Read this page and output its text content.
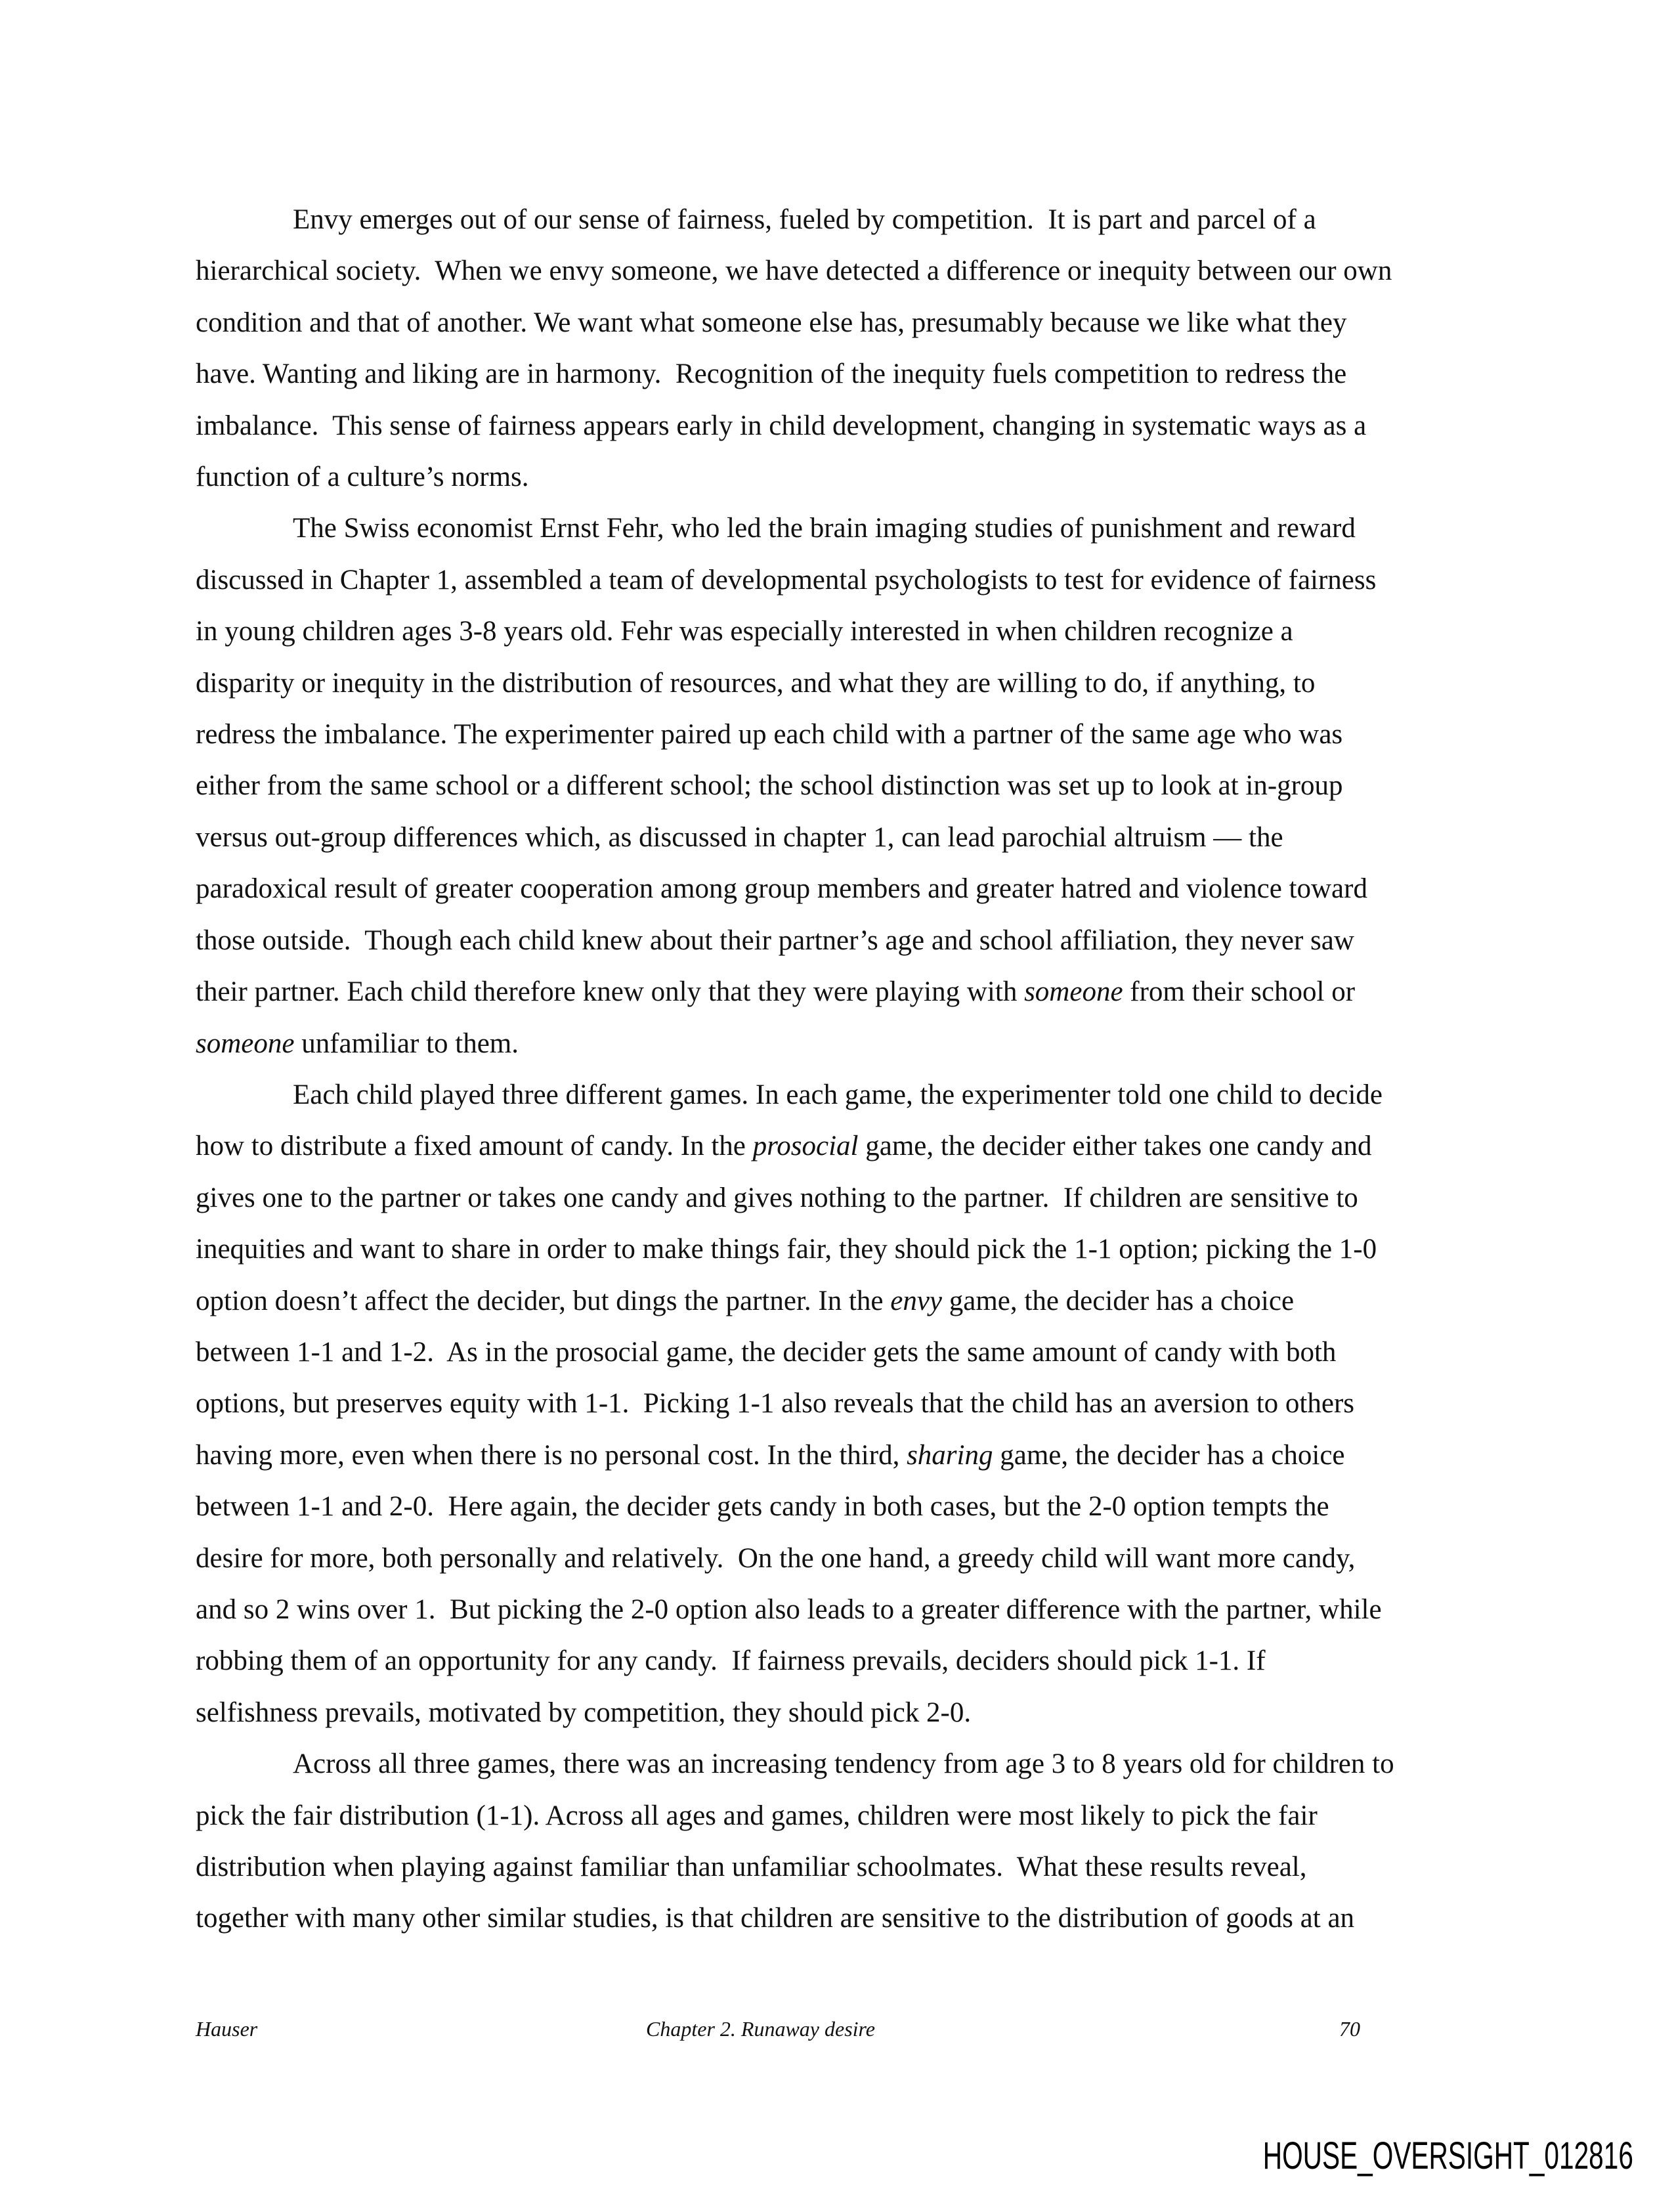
Envy emerges out of our sense of fairness, fueled by competition.  It is part and parcel of a
hierarchical society.  When we envy someone, we have detected a difference or inequity between our own
condition and that of another. We want what someone else has, presumably because we like what they
have. Wanting and liking are in harmony.  Recognition of the inequity fuels competition to redress the
imbalance.  This sense of fairness appears early in child development, changing in systematic ways as a
function of a culture’s norms.
The Swiss economist Ernst Fehr, who led the brain imaging studies of punishment and reward
discussed in Chapter 1, assembled a team of developmental psychologists to test for evidence of fairness
in young children ages 3-8 years old. Fehr was especially interested in when children recognize a
disparity or inequity in the distribution of resources, and what they are willing to do, if anything, to
redress the imbalance. The experimenter paired up each child with a partner of the same age who was
either from the same school or a different school; the school distinction was set up to look at in-group
versus out-group differences which, as discussed in chapter 1, can lead parochial altruism — the
paradoxical result of greater cooperation among group members and greater hatred and violence toward
those outside.  Though each child knew about their partner’s age and school affiliation, they never saw
their partner. Each child therefore knew only that they were playing with someone from their school or
someone unfamiliar to them.
Each child played three different games. In each game, the experimenter told one child to decide
how to distribute a fixed amount of candy. In the prosocial game, the decider either takes one candy and
gives one to the partner or takes one candy and gives nothing to the partner.  If children are sensitive to
inequities and want to share in order to make things fair, they should pick the 1-1 option; picking the 1-0
option doesn’t affect the decider, but dings the partner. In the envy game, the decider has a choice
between 1-1 and 1-2.  As in the prosocial game, the decider gets the same amount of candy with both
options, but preserves equity with 1-1.  Picking 1-1 also reveals that the child has an aversion to others
having more, even when there is no personal cost. In the third, sharing game, the decider has a choice
between 1-1 and 2-0.  Here again, the decider gets candy in both cases, but the 2-0 option tempts the
desire for more, both personally and relatively.  On the one hand, a greedy child will want more candy,
and so 2 wins over 1.  But picking the 2-0 option also leads to a greater difference with the partner, while
robbing them of an opportunity for any candy.  If fairness prevails, deciders should pick 1-1. If
selfishness prevails, motivated by competition, they should pick 2-0.
Across all three games, there was an increasing tendency from age 3 to 8 years old for children to
pick the fair distribution (1-1). Across all ages and games, children were most likely to pick the fair
distribution when playing against familiar than unfamiliar schoolmates.  What these results reveal,
together with many other similar studies, is that children are sensitive to the distribution of goods at an
Hauser	Chapter 2. Runaway desire	70
HOUSE_OVERSIGHT_012816
